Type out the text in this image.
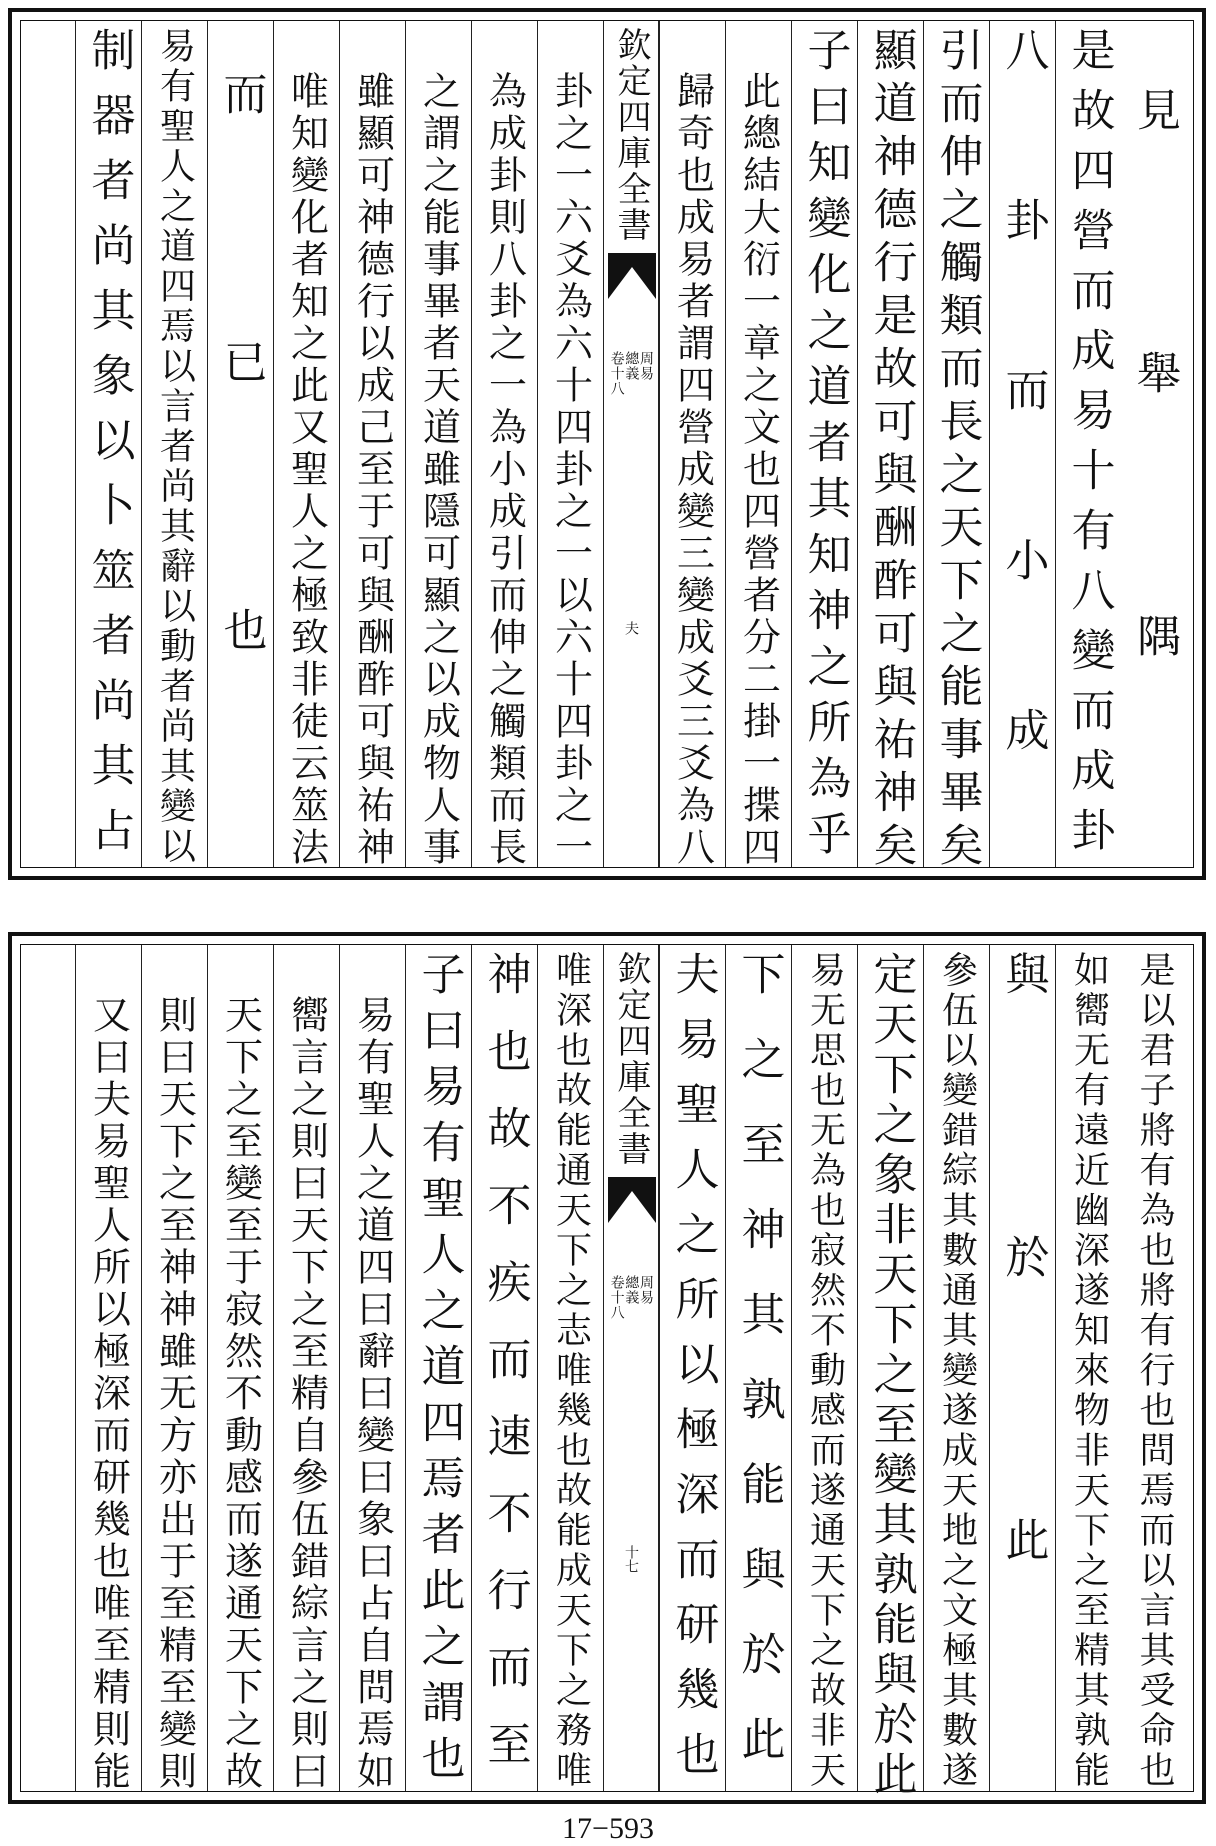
見舉隅
是故四營而成易十有八變而成卦
八卦而小成
引而伸之觸類而長之天下之能事畢矣
顯道神德行是故可與酬酢可與祐神矣
子曰知變化之道者其知神之所為乎
此總結大衍一章之文也四營者分二掛一揲四
歸奇也成易者謂四營成變三變成爻三爻為八
欽定四庫全書
周易
總義
卷十八
夫
卦之一六爻為六十四卦之一以六十四卦之一
為成卦則八卦之一為小成引而伸之觸類而長
之謂之能事畢者天道雖隱可顯之以成物人事
雖顯可神德行以成己至于可與酬酢可與祐神
唯知變化者知之此又聖人之極致非徒云筮法
而已也
易有聖人之道四焉以言者尚其辭以動者尚其變以
制器者尚其象以卜筮者尚其占
是以君子將有為也將有行也問焉而以言其受命也
如嚮无有遠近幽深遂知來物非天下之至精其孰能
與於此
參伍以變錯綜其數通其變遂成天地之文極其數遂
定天下之象非天下之至變其孰能與於此
易无思也无為也寂然不動感而遂通天下之故非天
下之至神其孰能與於此
夫易聖人之所以極深而研幾也
欽定四庫全書
周易
總義
卷十八
十七
唯深也故能通天下之志唯幾也故能成天下之務唯
神也故不疾而速不行而至
子曰易有聖人之道四焉者此之謂也
易有聖人之道四曰辭曰變曰象曰占自問焉如
嚮言之則曰天下之至精自參伍錯綜言之則曰
天下之至變至于寂然不動感而遂通天下之故
則曰天下之至神神雖无方亦出于至精至變則
又曰夫易聖人所以極深而研幾也唯至精則能
17−593
